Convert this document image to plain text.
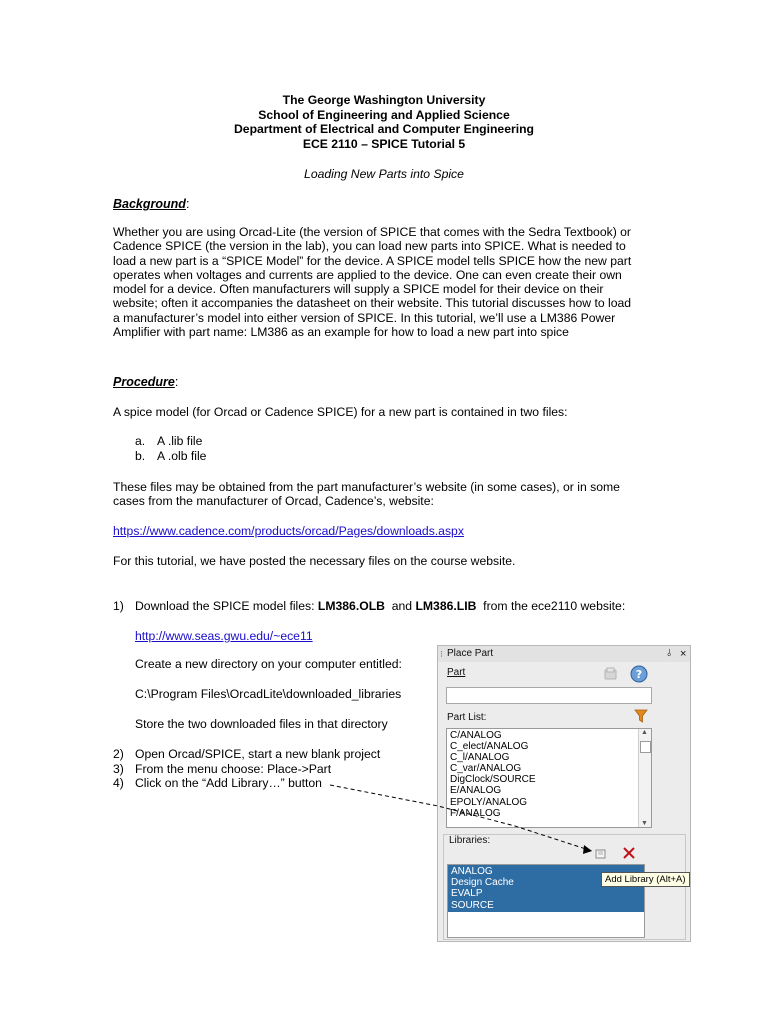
The George Washington University
School of Engineering and Applied Science
Department of Electrical and Computer Engineering
ECE 2110 – SPICE Tutorial 5
Loading New Parts into Spice
Background:
Whether you are using Orcad-Lite (the version of SPICE that comes with the Sedra Textbook) or
Cadence SPICE (the version in the lab), you can load new parts into SPICE. What is needed to
load a new part is a “SPICE Model” for the device. A SPICE model tells SPICE how the new part
operates when voltages and currents are applied to the device. One can even create their own
model for a device. Often manufacturers will supply a SPICE model for their device on their
website; often it accompanies the datasheet on their website. This tutorial discusses how to load
a manufacturer’s model into either version of SPICE. In this tutorial, we’ll use a LM386 Power
Amplifier with part name: LM386 as an example for how to load a new part into spice
Procedure:
A spice model (for Orcad or Cadence SPICE) for a new part is contained in two files:
a. A .lib file
b. A .olb file
These files may be obtained from the part manufacturer’s website (in some cases), or in some
cases from the manufacturer of Orcad, Cadence’s, website:
https://www.cadence.com/products/orcad/Pages/downloads.aspx
For this tutorial, we have posted the necessary files on the course website.
1) Download the SPICE model files: LM386.OLB  and LM386.LIB  from the ece2110 website:
http://www.seas.gwu.edu/~ece11
Create a new directory on your computer entitled:
C:\Program Files\OrcadLite\downloaded_libraries
Store the two downloaded files in that directory
2) Open Orcad/SPICE, start a new blank project
3) From the menu choose: Place->Part
4) Click on the “Add Library…” button
⁝ Place Part	⫰ ×
Part	?
Part List:
C/ANALOG
C_elect/ANALOG
C_l/ANALOG
C_var/ANALOG
DigClock/SOURCE
E/ANALOG
EPOLY/ANALOG
F/ANALOG
▲
▼
Libraries:
ANALOG
Design Cache
EVALP
SOURCE
Add Library (Alt+A)
